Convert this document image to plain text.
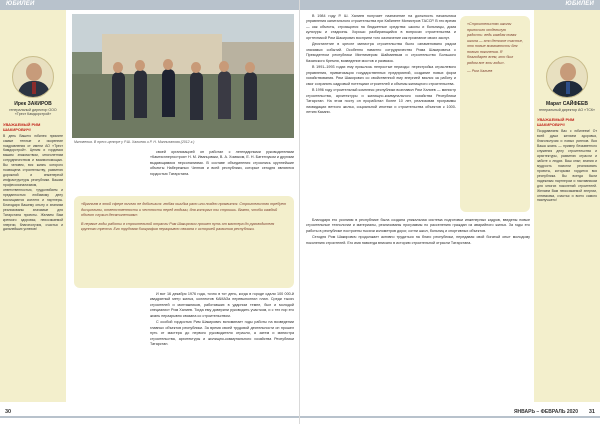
ЮБИЛЕЙ
Ирек ЗАКИРОВ
генеральный директор ООО «Трест Камдорстрой»
УВАЖАЕМЫЙ РИМ ШАКИРОВИЧ!
В день Вашего юбилея примите самые теплые и искренние поздравления от имени АО «Трест Камдорстрой». Ценим и гордимся вашим знакомством, многолетним сотрудничеством и взаимопомощью. Вы человек, вся жизнь которого посвящена строительству, развитию дорожной и инженерной инфраструктуры республики. Вашим профессионализмом, ответственностью, трудолюбием и преданностью любимому делу восхищаются коллеги и партнеры. Благодаря Вашему опыту и знаниям реализованы значимые для Татарстана проекты. Желаем Вам крепкого здоровья, неиссякаемой энергии, благополучия, счастья и дальнейших успехов!
Мгновения. В пресс-центре у Р.Ш. Халиева и Р. Н. Минниханова (2012 г.)

своей организацией он работал с легендарными руководителями «Камгэсэнергостроя» Н. М. Иванцовым, В. А. Хомяком, Е. Н. Батенчуком и другими выдающимися персоналиями. В составе объединения строились крупнейшие объекты Набережных Челнов и всей республики, которые сегодня являются гордостью Татарстана.

«Враньем в этой сфере ничего не добьешься: любая ошибка рано или поздно проявится. Строительство требует дисциплины, ответственности и честности перед людьми, для которых ты строишь. Важно, чтобы каждый объект служил десятилетиям».

В первые годы работы в строительной отрасли Рим Шакирович прошел путь от мастера до руководителя крупного треста. Его трудовая биография неразрывно связана с историей развития республики.

И вот 16 декабря 1976 года, точно в тот день, когда в городе сдали 100 000-й квадратный метр жилья, коллектив КАМАЗа перевыполнил план. Среди тысяч строителей и монтажников, работавших в ударном темпе, был и молодой специалист Рим Халиев. Тогда ему доверили руководить участком, и с тех пор его жизнь неразрывно связана со строительством.

С особой гордостью Рим Шакирович вспоминает годы работы на возведении главных объектов республики. За время своей трудовой деятельности он прошел путь от мастера до первого руководителя отрасли, а затем и министра строительства, архитектуры и жилищно-коммунального хозяйства Республики Татарстан.

30
ЮБИЛЕЙ

В 1984 году Р. Ш. Халиев получает назначение на должность начальника управления капитального строительства при Кабинете Министров ТАССР. В это время — как объекты, строящиеся на бюджетные средства: школы и больницы, дома культуры и стадионы. Хорошо разбирающийся в вопросах строительства и оргтехникой Рим Шакирович восприни того оазначение как признание своих заслуг.

Десятилетие в кресле министра строительства было ознаменовано рядом значимых событий. Особенно памятно сотрудничество Рима Шакировича с Президентом республики Минтимером Шаймиевым и строительство Большого Казанского Кремля, возведение мостов и развязок.

В 1991–1993 годах ему пришлось непростые периоды: перестройка отраслевого управления, приватизация государственных предприятий, создание новых форм хозяйствования. Рим Шакирович со свойственной ему энергией взялся за работу и смог сохранить кадровый потенциал строителей и объемы жилищного строительства.

В 1996 году строительный комплекс республики возглавил Рим Халиев — министр строительства, архитектуры и жилищно-коммунального хозяйства Республики Татарстан. На этом посту он проработал более 10 лет, реализовав программы ликвидации ветхого жилья, социальной ипотеки и строительства объектов к 1000-летию Казани.

«Строительство школы приносило отдельную радость: ведь каждая новая школа — это детское счастье, это новые возможности для нового поколения. Я благодарен всем, кто был рядом все эти годы».

— Рим Халиев

Благодаря его усилиям в республике была создана уникальная система подготовки инженерных кадров, введены новые строительные технологии и материалы, реализованы программы по расселению граждан из аварийного жилья. За годы его работы в республике построены тысячи километров дорог, сотни школ, больниц и спортивных объектов.

Сегодня Рим Шакирович продолжает активно трудиться на благо республики, передавая свой богатый опыт молодому поколению строителей. Его имя навсегда вписано в историю строительной отрасли Татарстана.

Марат САЙФЕЕВ
генеральный директор АО «ТСК»
УВАЖАЕМЫЙ РИМ ШАКИРОВИЧ!
Поздравляем Вас с юбилеем! От всей души желаем здоровья, благополучия и новых успехов. Вся Ваша жизнь — пример беззаветного служения делу строительства и архитектуры, развитию отрасли и заботе о людях. Ваш опыт, знания и мудрость помогли реализовать проекты, которыми гордится вся республика. Вы всегда были надежным партнером и наставником для многих поколений строителей. Желаем Вам неиссякаемой энергии, оптимизма, счастья и всего самого наилучшего!
ЯНВАРЬ – ФЕВРАЛЬ 2020 31
